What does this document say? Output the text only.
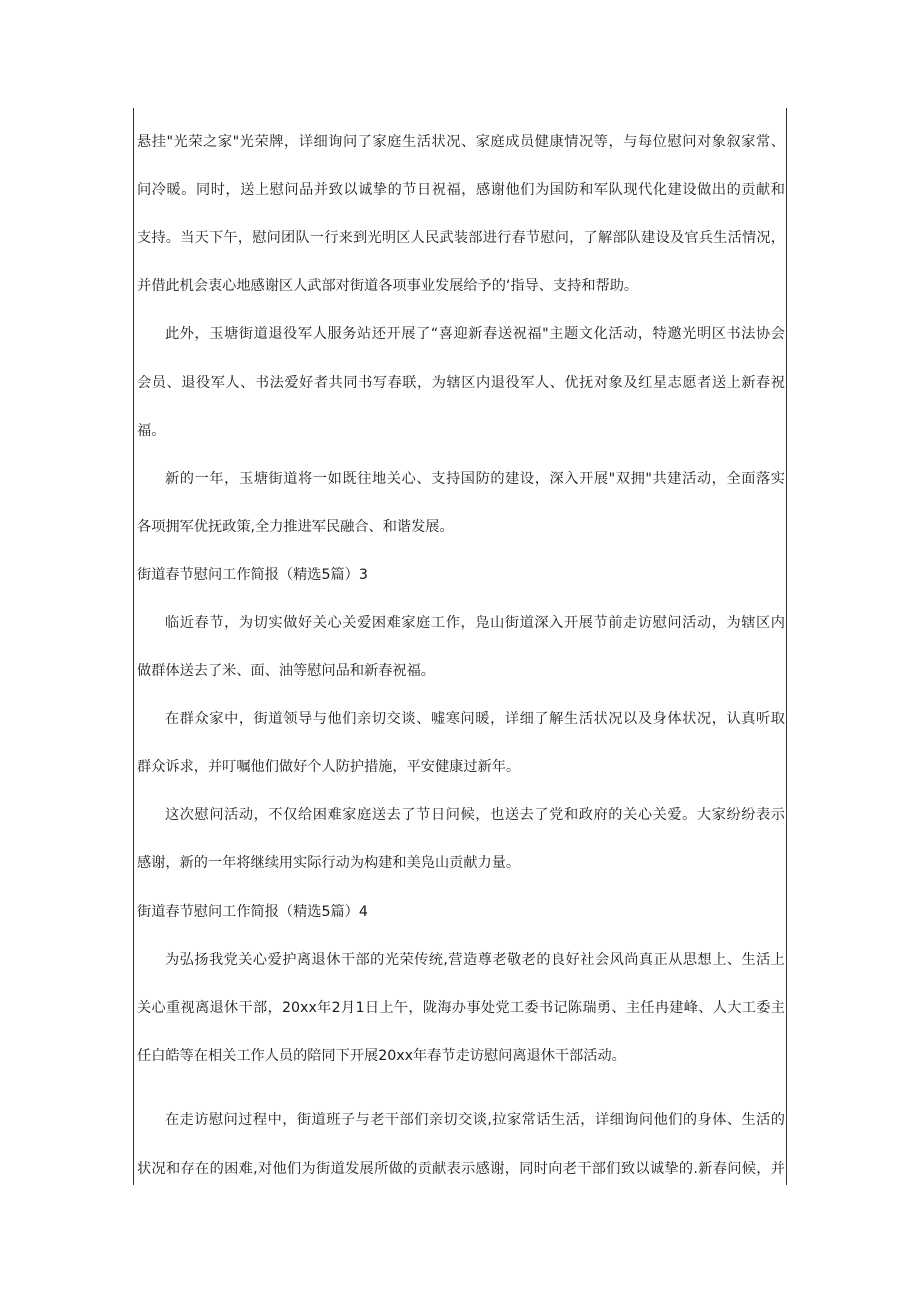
悬挂"光荣之家"光荣牌，详细询问了家庭生活状况、家庭成员健康情况等，与每位慰问对象叙家常、
问冷暖。同时，送上慰问品并致以诚挚的节日祝福，感谢他们为国防和军队现代化建设做出的贡献和
支持。当天下午，慰问团队一行来到光明区人民武装部进行春节慰问，了解部队建设及官兵生活情况，
并借此机会衷心地感谢区人武部对街道各项事业发展给予的‘指导、支持和帮助。
此外，玉塘街道退役军人服务站还开展了“喜迎新春送祝福"主题文化活动，特邀光明区书法协会
会员、退役军人、书法爱好者共同书写春联，为辖区内退役军人、优抚对象及红星志愿者送上新春祝
福。
新的一年，玉塘街道将一如既往地关心、支持国防的建设，深入开展"双拥"共建活动，全面落实
各项拥军优抚政策,全力推进军民融合、和谐发展。
街道春节慰问工作简报（精选5篇）3
临近春节，为切实做好关心关爱困难家庭工作，凫山街道深入开展节前走访慰问活动，为辖区内
做群体送去了米、面、油等慰问品和新春祝福。
在群众家中，街道领导与他们亲切交谈、嘘寒问暖，详细了解生活状况以及身体状况，认真听取
群众诉求，并叮嘱他们做好个人防护措施，平安健康过新年。
这次慰问活动，不仅给困难家庭送去了节日问候，也送去了党和政府的关心关爱。大家纷纷表示
感谢，新的一年将继续用实际行动为构建和美凫山贡献力量。
街道春节慰问工作简报（精选5篇）4
为弘扬我党关心爱护离退休干部的光荣传统,营造尊老敬老的良好社会风尚真正从思想上、生活上
关心重视离退休干部，20xx年2月1日上午，陇海办事处党工委书记陈瑞勇、主任冉建峰、人大工委主
任白皓等在相关工作人员的陪同下开展20xx年春节走访慰问离退休干部活动。
在走访慰问过程中，街道班子与老干部们亲切交谈,拉家常话生活，详细询问他们的身体、生活的
状况和存在的困难,对他们为街道发展所做的贡献表示感谢，同时向老干部们致以诚挚的.新春问候，并
